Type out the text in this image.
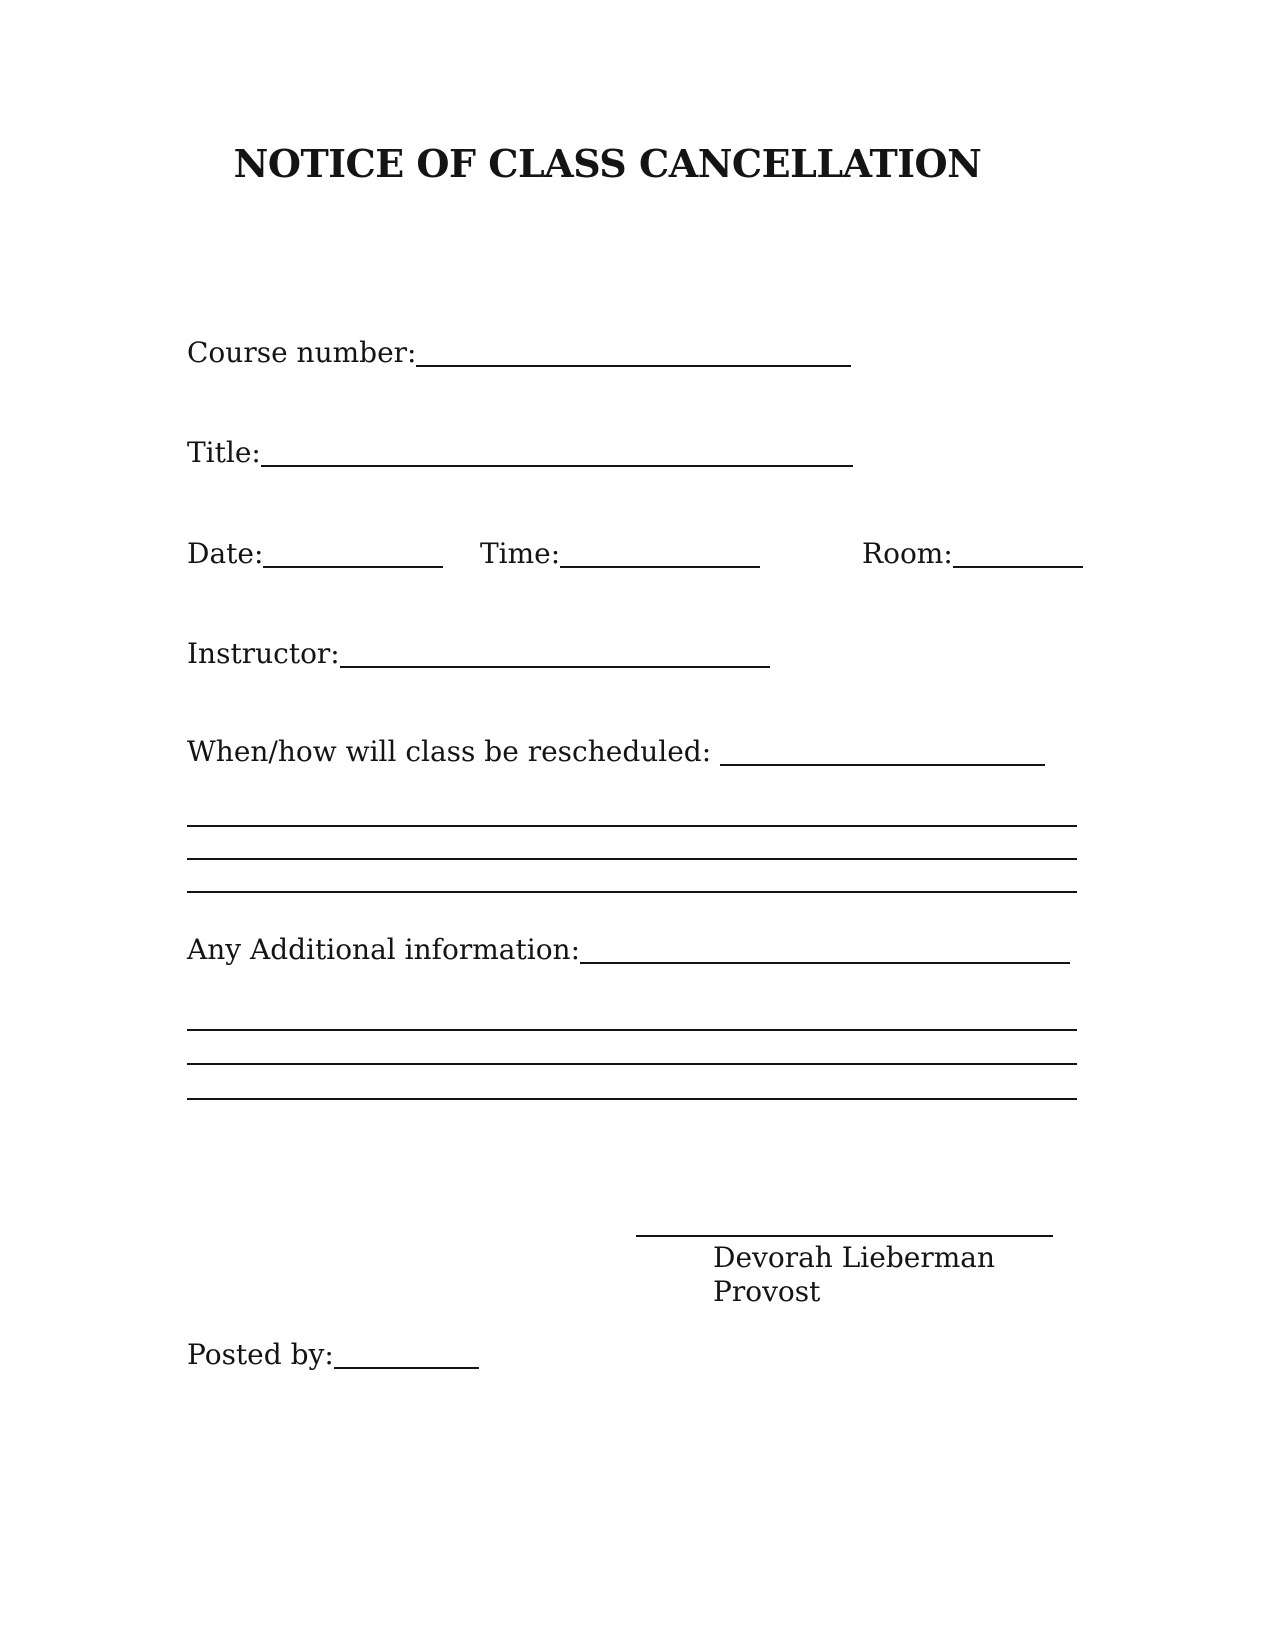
NOTICE OF CLASS CANCELLATION
Course number:
Title:
Date:	Time:	Room:
Instructor:
When/how will class be rescheduled:
Any Additional information:
Devorah Lieberman
Provost
Posted by:
